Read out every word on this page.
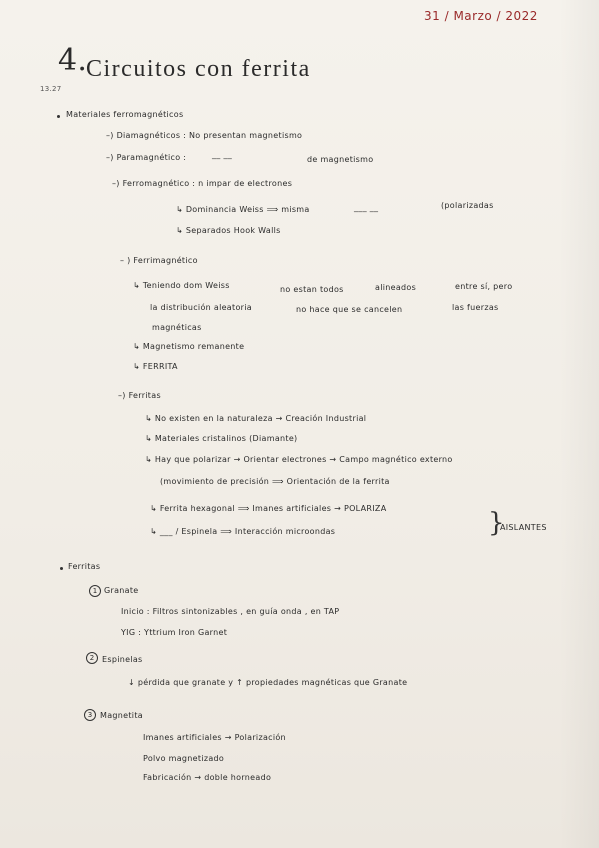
31 / Marzo / 2022
4.
Circuitos con ferrita
13.27
Materiales ferromagnéticos
–) Diamagnéticos : No presentan magnetismo
–) Paramagnético :	__ __
de magnetismo
–) Ferromagnético : n impar de electrones
↳ Dominancia Weiss ⟹ misma	___ __	(polarizadas
↳ Separados Hook Walls
– ) Ferrimagnético
↳ Teniendo dom Weiss	no estan todos	alineados	entre sí, pero
la distribución aleatoria	no hace que se cancelen	las fuerzas
magnéticas
↳ Magnetismo remanente
↳ FERRITA
–) Ferritas
↳ No existen en la naturaleza → Creación Industrial
↳ Materiales cristalinos (Diamante)
↳ Hay que polarizar → Orientar electrones → Campo magnético externo
(movimiento de precisión ⟹ Orientación de la ferrita
↳ Ferrita hexagonal ⟹ Imanes artificiales → POLARIZA
↳ ___ / Espinela ⟹ Interacción microondas	}
AISLANTES
Ferritas
1 Granate
Inicio : Filtros sintonizables , en guía onda , en TAP
YIG : Yttrium Iron Garnet
2 Espinelas
↓ pérdida que granate y ↑ propiedades magnéticas que Granate
3 Magnetita
Imanes artificiales → Polarización
Polvo magnetizado
Fabricación → doble horneado
